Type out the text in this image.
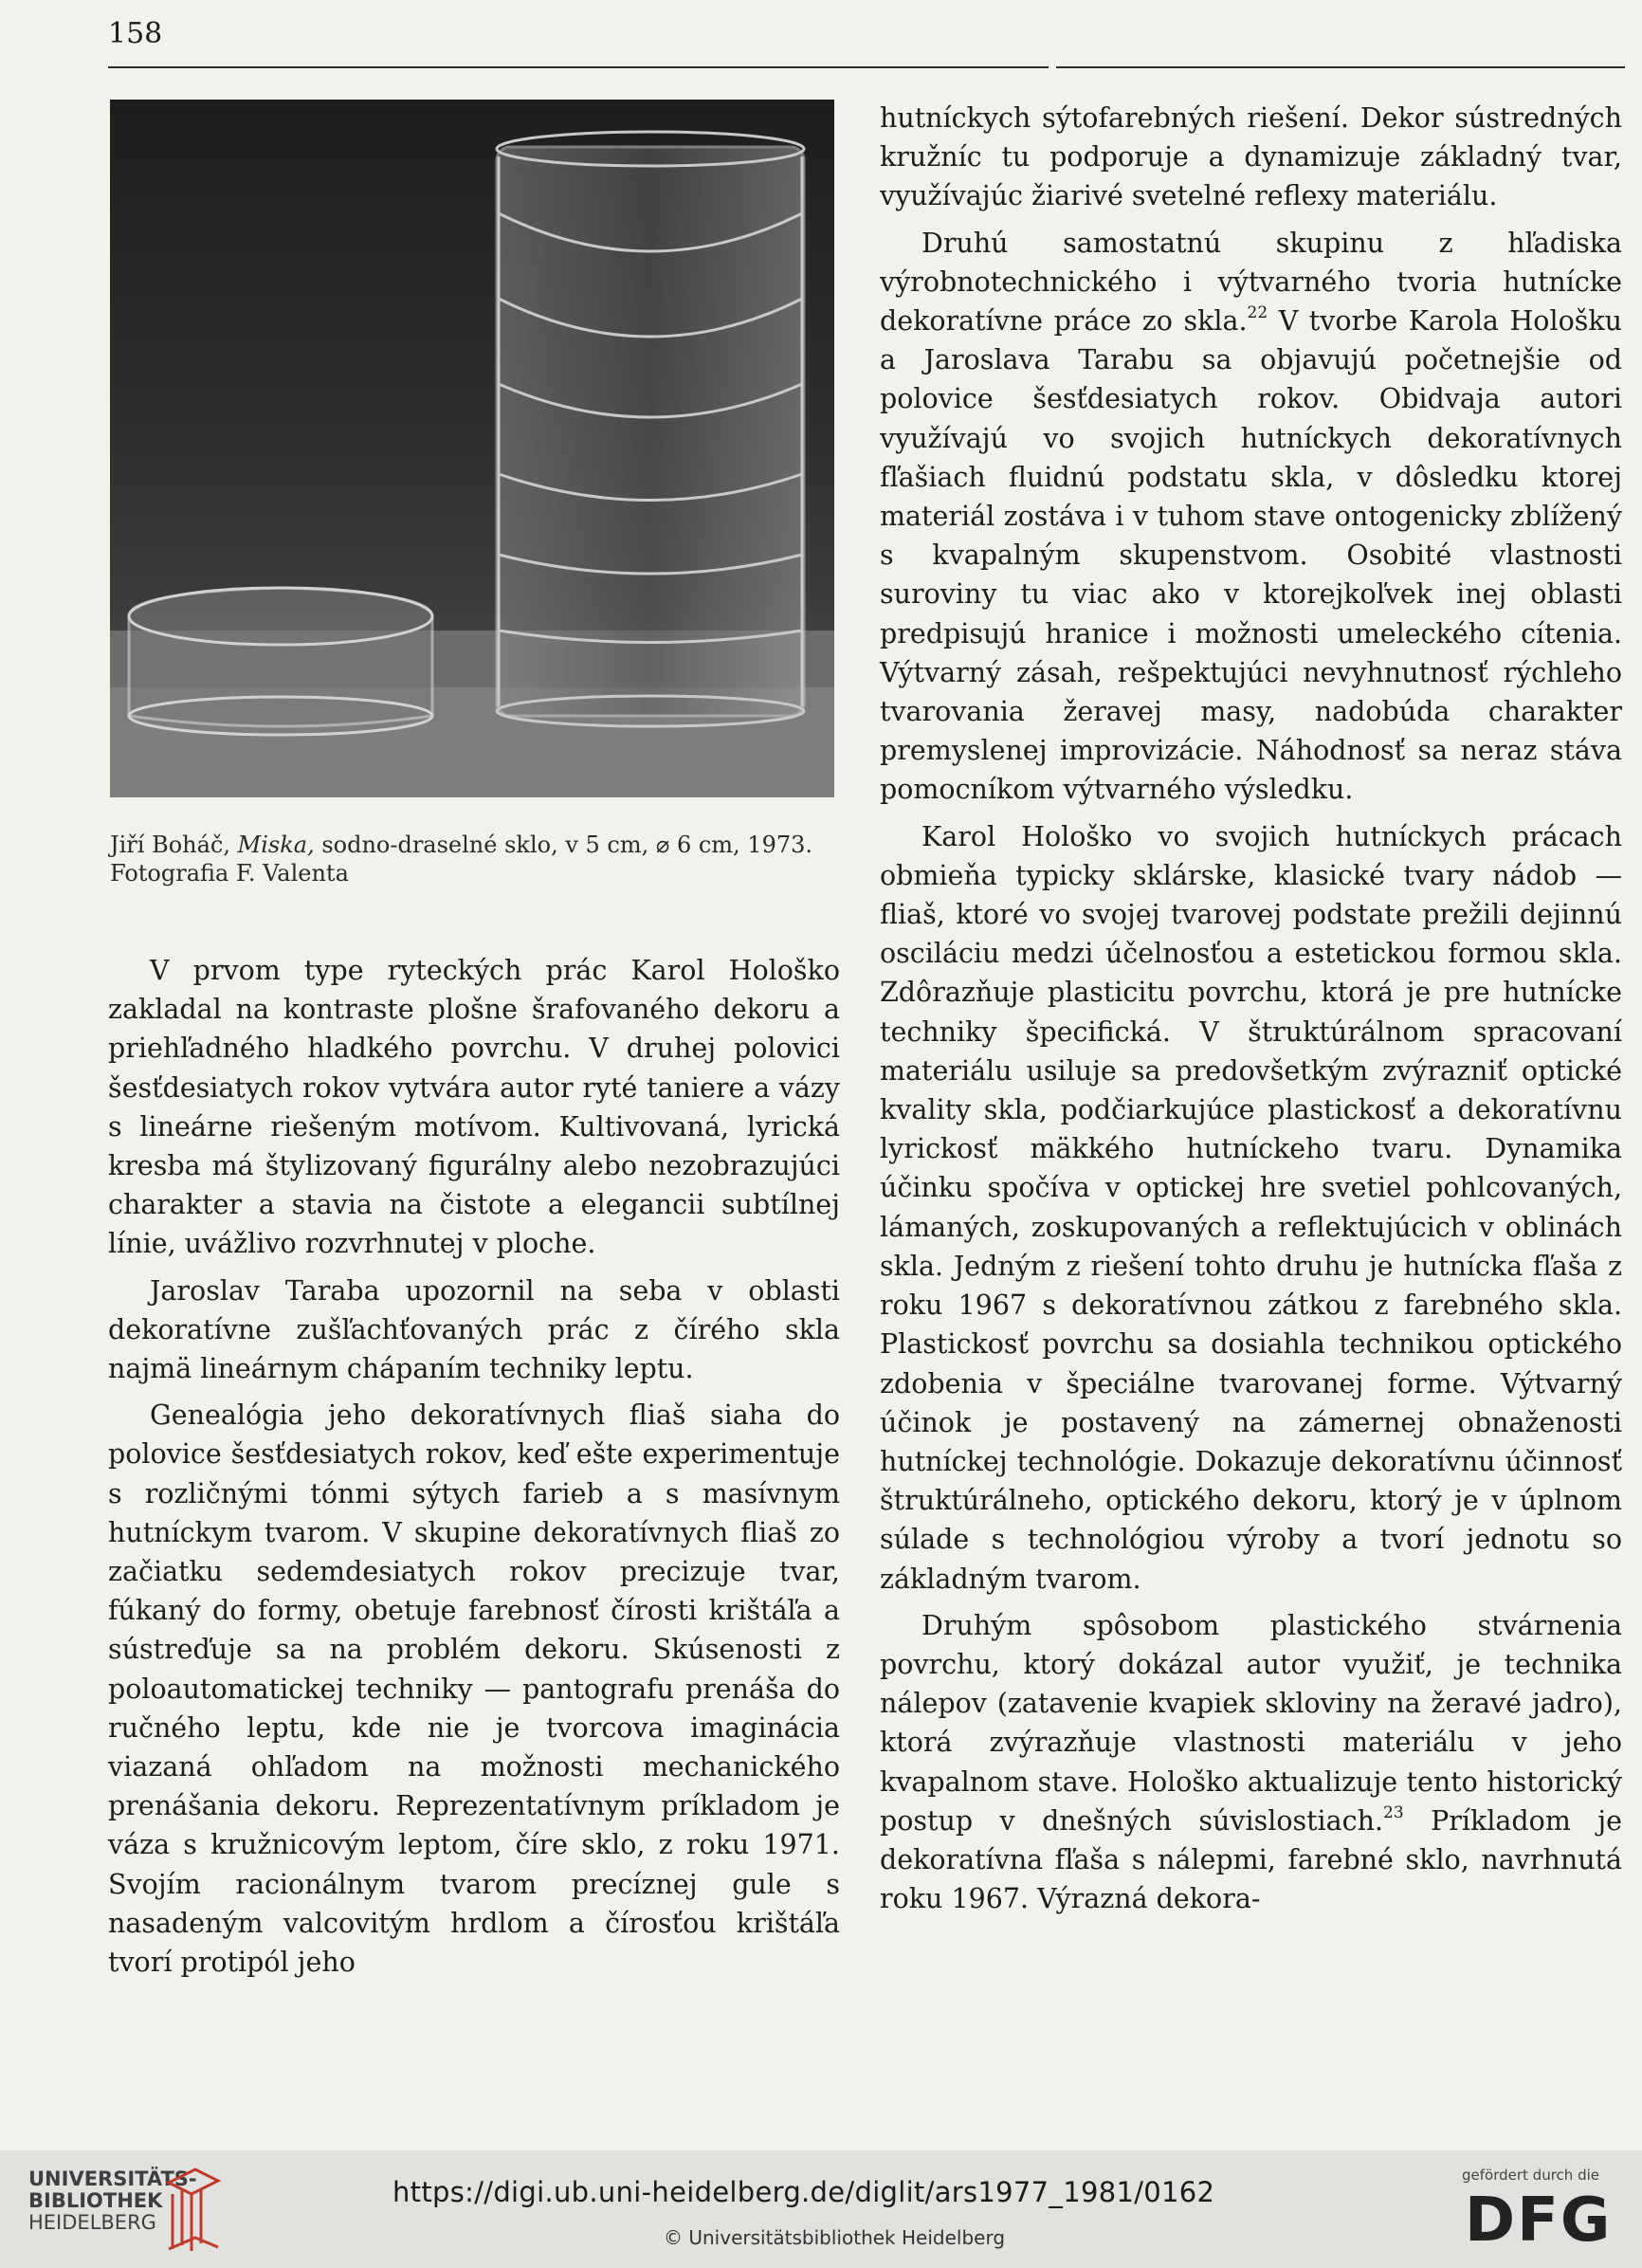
158
Jiří Boháč, Miska, sodno-draselné sklo, v 5 cm, ⌀ 6 cm, 1973. Fotografia F. Valenta

V prvom type ryteckých prác Karol Hološko zakladal na kontraste plošne šrafovaného dekoru a priehľadného hladkého povrchu. V druhej polovici šesťdesiatych rokov vytvára autor ryté taniere a vázy s lineárne riešeným motívom. Kultivovaná, lyrická kresba má štylizovaný figurálny alebo nezobrazujúci charakter a stavia na čistote a elegancii subtílnej línie, uvážlivo rozvrhnutej v ploche.

Jaroslav Taraba upozornil na seba v oblasti dekoratívne zušľachťovaných prác z čírého skla najmä lineárnym chápaním techniky leptu.

Genealógia jeho dekoratívnych fliaš siaha do polovice šesťdesiatych rokov, keď ešte experimentuje s rozličnými tónmi sýtych farieb a s masívnym hutníckym tvarom. V skupine dekoratívnych fliaš zo začiatku sedemdesiatych rokov precizuje tvar, fúkaný do formy, obetuje farebnosť čírosti krištáľa a sústreďuje sa na problém dekoru. Skúsenosti z poloautomatickej techniky — pantografu prenáša do ručného leptu, kde nie je tvorcova imaginácia viazaná ohľadom na možnosti mechanického prenášania dekoru. Reprezentatívnym príkladom je váza s kružnicovým leptom, číre sklo, z roku 1971. Svojím racionálnym tvarom precíznej gule s nasadeným valcovitým hrdlom a čírosťou krištáľa tvorí protipól jeho

hutníckych sýtofarebných riešení. Dekor sústredných kružníc tu podporuje a dynamizuje základný tvar, využívajúc žiarivé svetelné reflexy materiálu.

Druhú samostatnú skupinu z hľadiska výrobnotechnického i výtvarného tvoria hutnícke dekoratívne práce zo skla.$^{22}$ V tvorbe Karola Hološku a Jaroslava Tarabu sa objavujú početnejšie od polovice šesťdesiatych rokov. Obidvaja autori využívajú vo svojich hutníckych dekoratívnych fľašiach fluidnú podstatu skla, v dôsledku ktorej materiál zostáva i v tuhom stave ontogenicky zblížený s kvapalným skupenstvom. Osobité vlastnosti suroviny tu viac ako v ktorejkoľvek inej oblasti predpisujú hranice i možnosti umeleckého cítenia. Výtvarný zásah, rešpektujúci nevyhnutnosť rýchleho tvarovania žeravej masy, nadobúda charakter premyslenej improvizácie. Náhodnosť sa neraz stáva pomocníkom výtvarného výsledku.

Karol Hološko vo svojich hutníckych prácach obmieňa typicky sklárske, klasické tvary nádob — fliaš, ktoré vo svojej tvarovej podstate prežili dejinnú osciláciu medzi účelnosťou a estetickou formou skla. Zdôrazňuje plasticitu povrchu, ktorá je pre hutnícke techniky špecifická. V štruktúrálnom spracovaní materiálu usiluje sa predovšetkým zvýrazniť optické kvality skla, podčiarkujúce plastickosť a dekoratívnu lyrickosť mäkkého hutníckeho tvaru. Dynamika účinku spočíva v optickej hre svetiel pohlcovaných, lámaných, zoskupovaných a reflektujúcich v oblinách skla. Jedným z riešení tohto druhu je hutnícka fľaša z roku 1967 s dekoratívnou zátkou z farebného skla. Plastickosť povrchu sa dosiahla technikou optického zdobenia v špeciálne tvarovanej forme. Výtvarný účinok je postavený na zámernej obnaženosti hutníckej technológie. Dokazuje dekoratívnu účinnosť štruktúrálneho, optického dekoru, ktorý je v úplnom súlade s technológiou výroby a tvorí jednotu so základným tvarom.

Druhým spôsobom plastického stvárnenia povrchu, ktorý dokázal autor využiť, je technika nálepov (zatavenie kvapiek skloviny na žeravé jadro), ktorá zvýrazňuje vlastnosti materiálu v jeho kvapalnom stave. Hološko aktualizuje tento historický postup v dnešných súvislostiach.$^{23}$ Príkladom je dekoratívna fľaša s nálepmi, farebné sklo, navrhnutá roku 1967. Výrazná dekora-

UNIVERSITÄTS-
BIBLIOTHEK
HEIDELBERG
https://digi.ub.uni-heidelberg.de/diglit/ars1977_1981/0162
© Universitätsbibliothek Heidelberg
gefördert durch die
DFG
